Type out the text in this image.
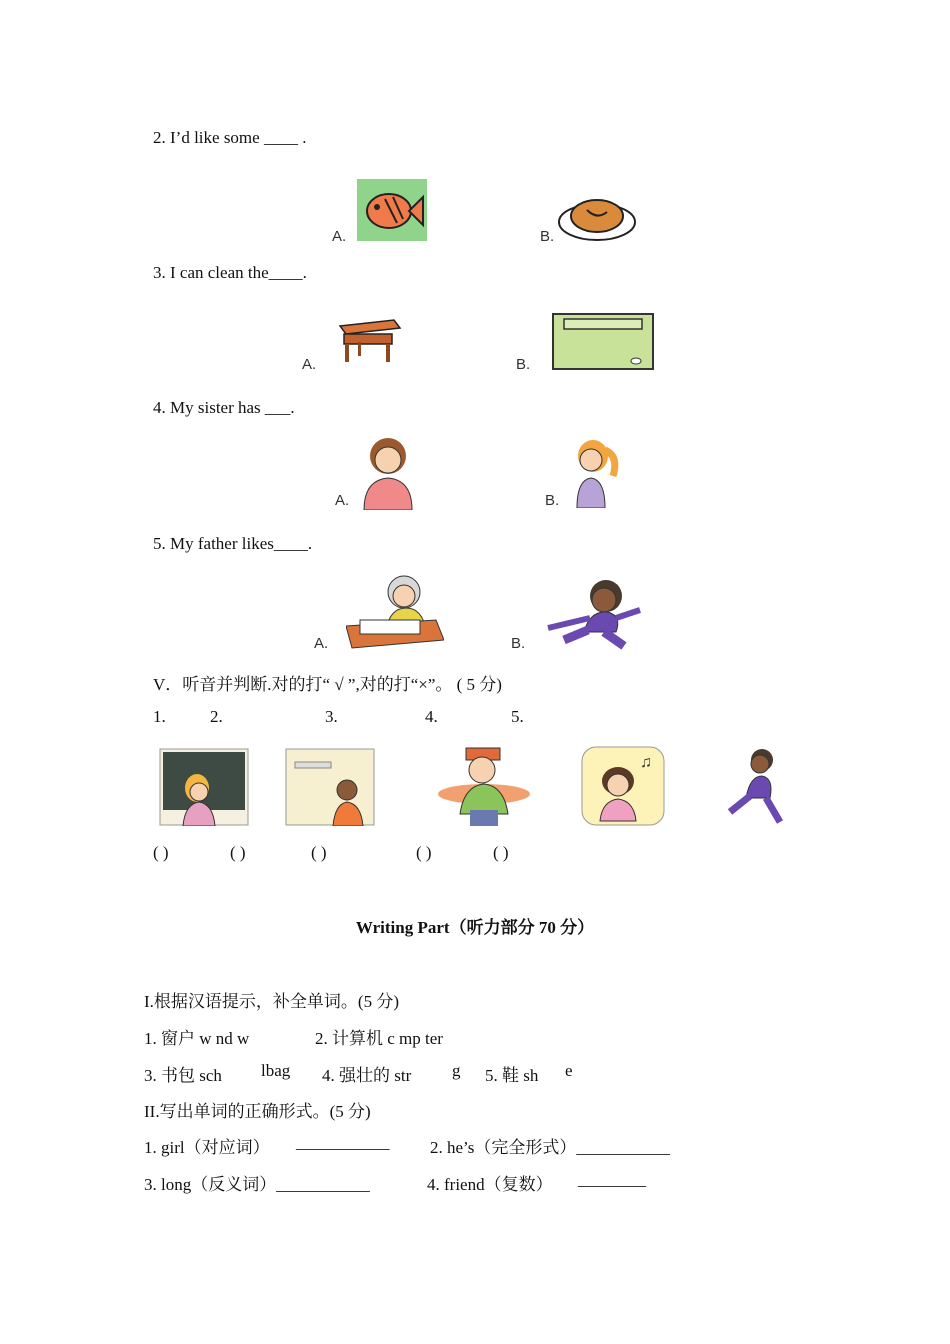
2. I’d like some ____ .
A.	B.
3. I can clean the____.
A.	B.
4. My sister has ___.
A.	B.
5. My father likes____.
A.	B.
V．听音并判断.对的打“ √ ”,对的打“×”。 ( 5 分)
1.	2.	3.	4.	5.
♫
( )	( )	( )	( )	( )
Writing Part（听力部分 70 分）
I.根据汉语提示，补全单词。(5 分)
1. 窗户 w nd w	2. 计算机 c mp ter
3. 书包 sch lbag 4. 强壮的 str g 5. 鞋 sh e
II.写出单词的正确形式。(5 分)
1. girl（对应词） ___________ 2. he’s（完全形式）___________
3. long（反义词）___________	4. friend（复数） ________
